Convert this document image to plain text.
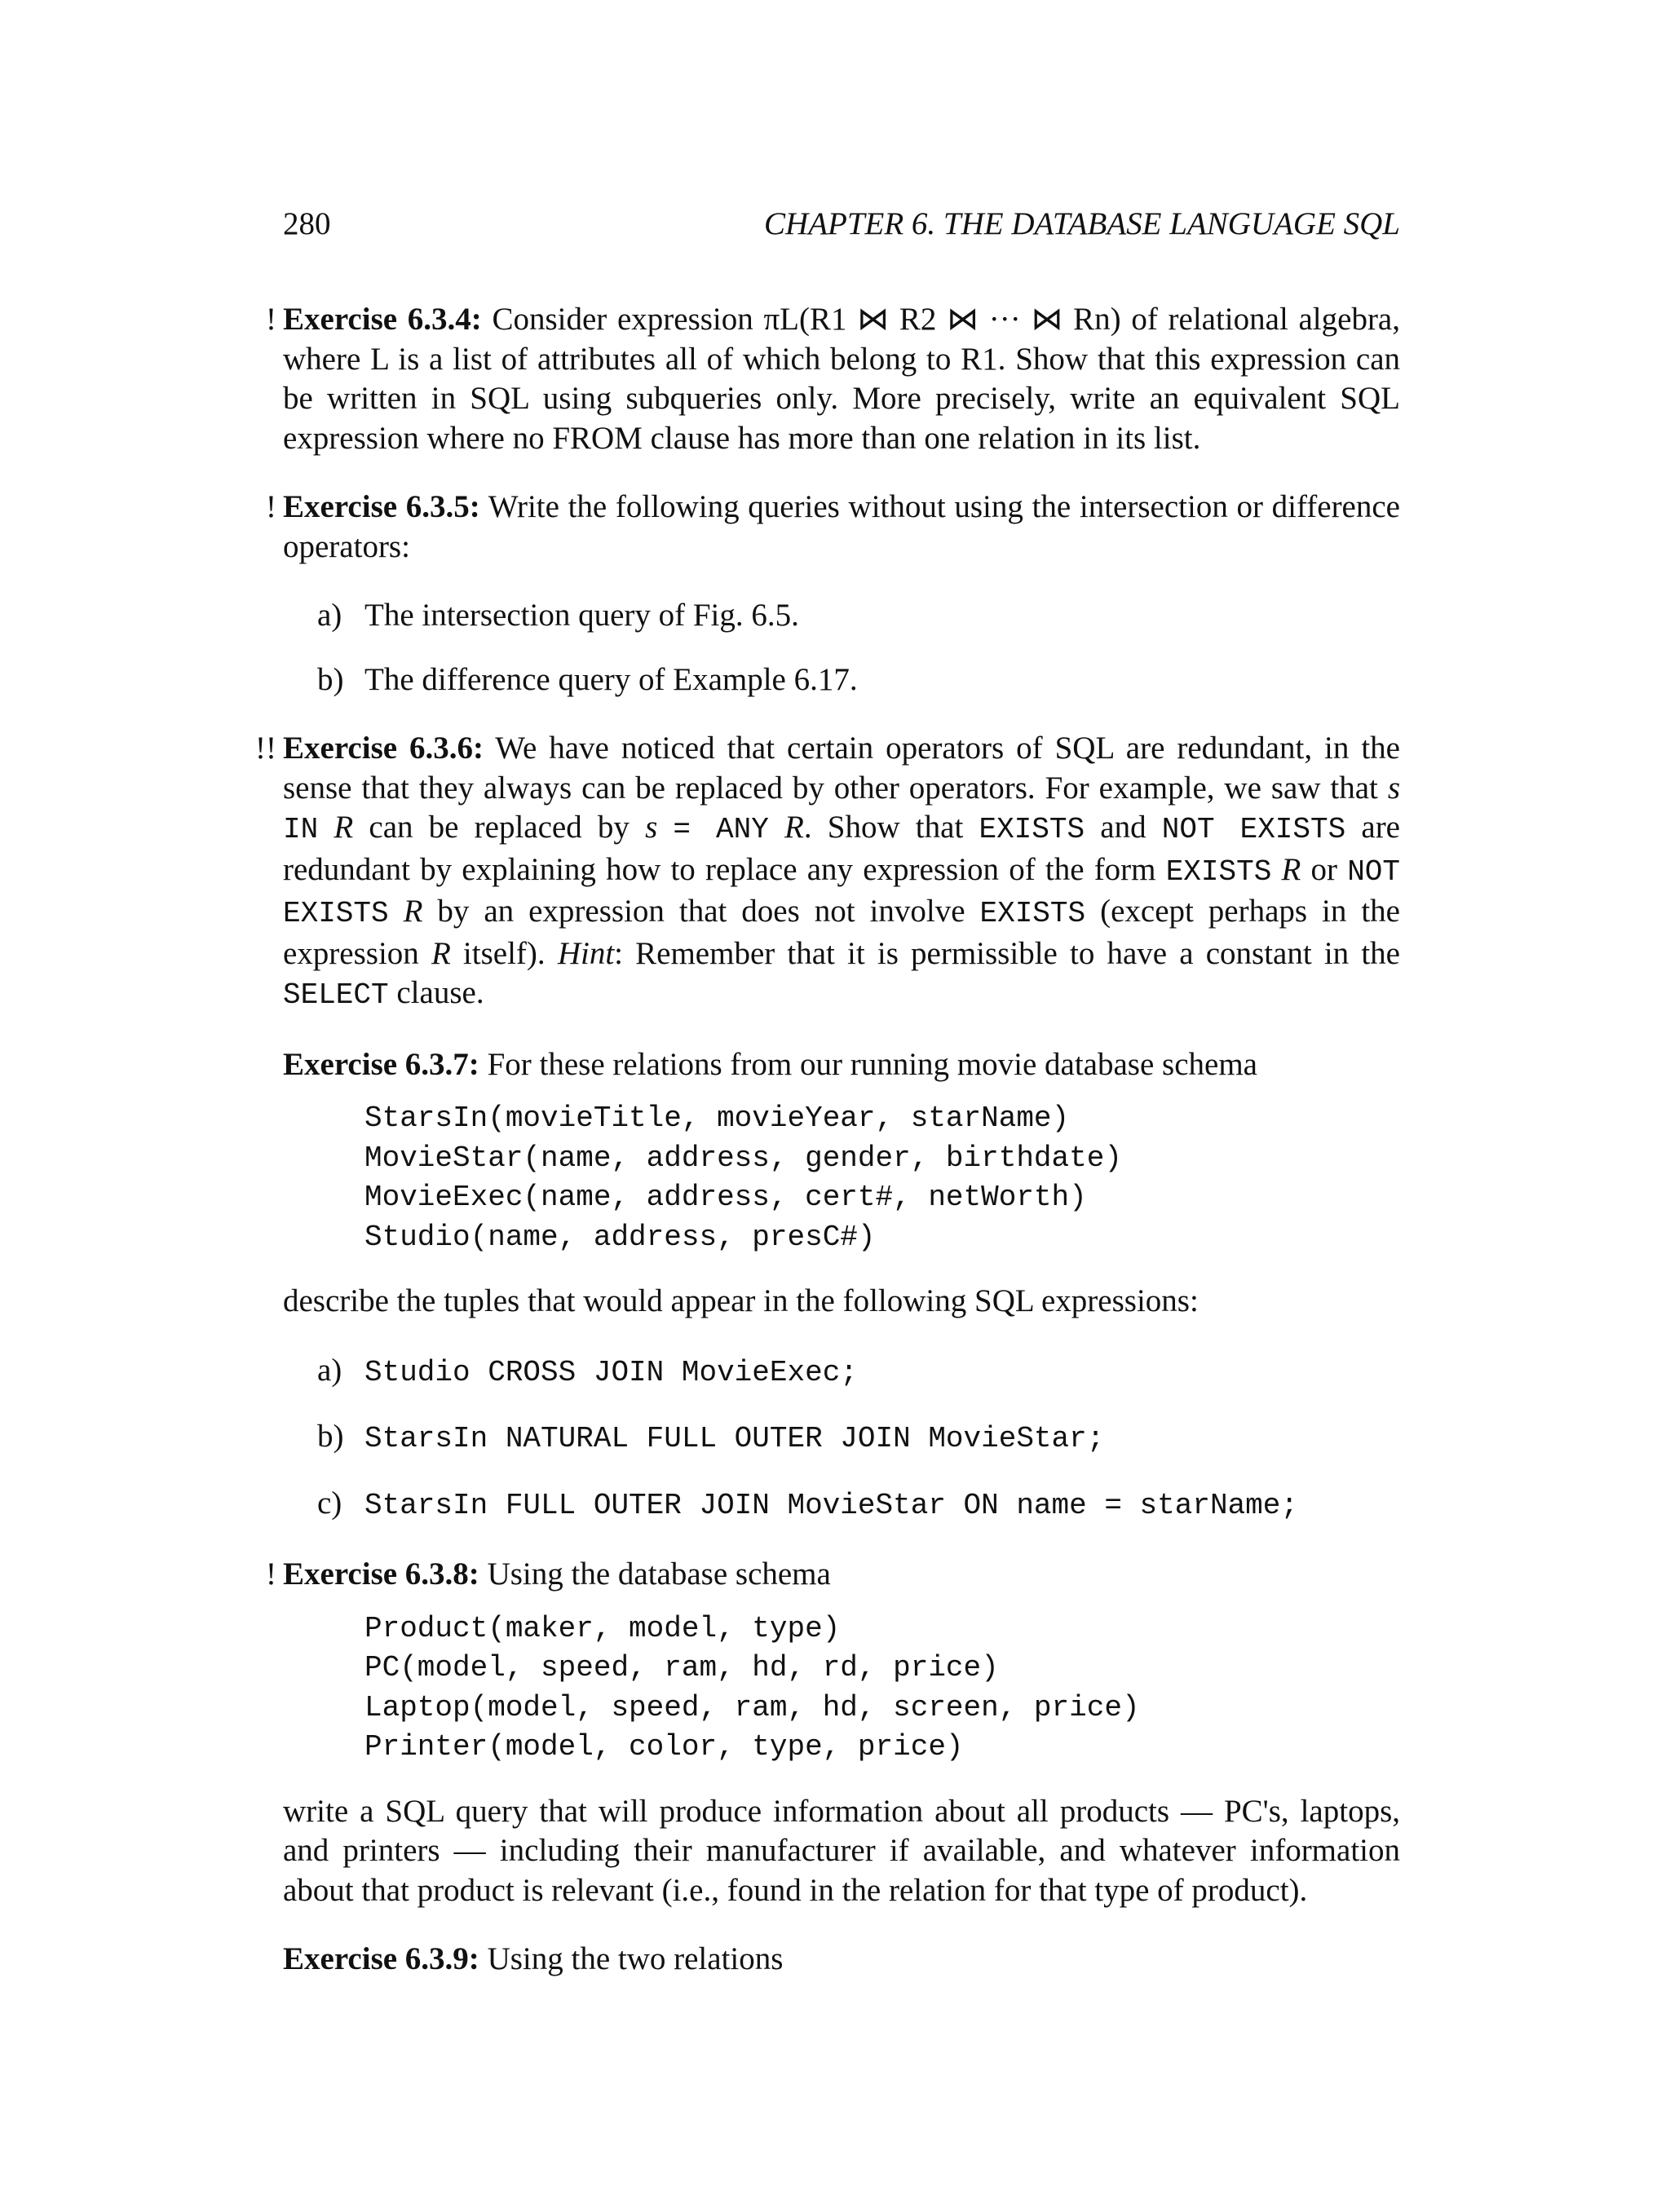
280	CHAPTER 6. THE DATABASE LANGUAGE SQL
! Exercise 6.3.4: Consider expression πL(R1 ⋈ R2 ⋈ ··· ⋈ Rn) of relational algebra, where L is a list of attributes all of which belong to R1. Show that this expression can be written in SQL using subqueries only. More precisely, write an equivalent SQL expression where no FROM clause has more than one relation in its list.
! Exercise 6.3.5: Write the following queries without using the intersection or difference operators:
a) The intersection query of Fig. 6.5.
b) The difference query of Example 6.17.
!! Exercise 6.3.6: We have noticed that certain operators of SQL are redundant, in the sense that they always can be replaced by other operators. For example, we saw that s IN R can be replaced by s = ANY R. Show that EXISTS and NOT EXISTS are redundant by explaining how to replace any expression of the form EXISTS R or NOT EXISTS R by an expression that does not involve EXISTS (except perhaps in the expression R itself). Hint: Remember that it is permissible to have a constant in the SELECT clause.
Exercise 6.3.7: For these relations from our running movie database schema
StarsIn(movieTitle, movieYear, starName)
MovieStar(name, address, gender, birthdate)
MovieExec(name, address, cert#, netWorth)
Studio(name, address, presC#)
describe the tuples that would appear in the following SQL expressions:
a) Studio CROSS JOIN MovieExec;
b) StarsIn NATURAL FULL OUTER JOIN MovieStar;
c) StarsIn FULL OUTER JOIN MovieStar ON name = starName;
! Exercise 6.3.8: Using the database schema
Product(maker, model, type)
PC(model, speed, ram, hd, rd, price)
Laptop(model, speed, ram, hd, screen, price)
Printer(model, color, type, price)
write a SQL query that will produce information about all products — PC's, laptops, and printers — including their manufacturer if available, and whatever information about that product is relevant (i.e., found in the relation for that type of product).
Exercise 6.3.9: Using the two relations
